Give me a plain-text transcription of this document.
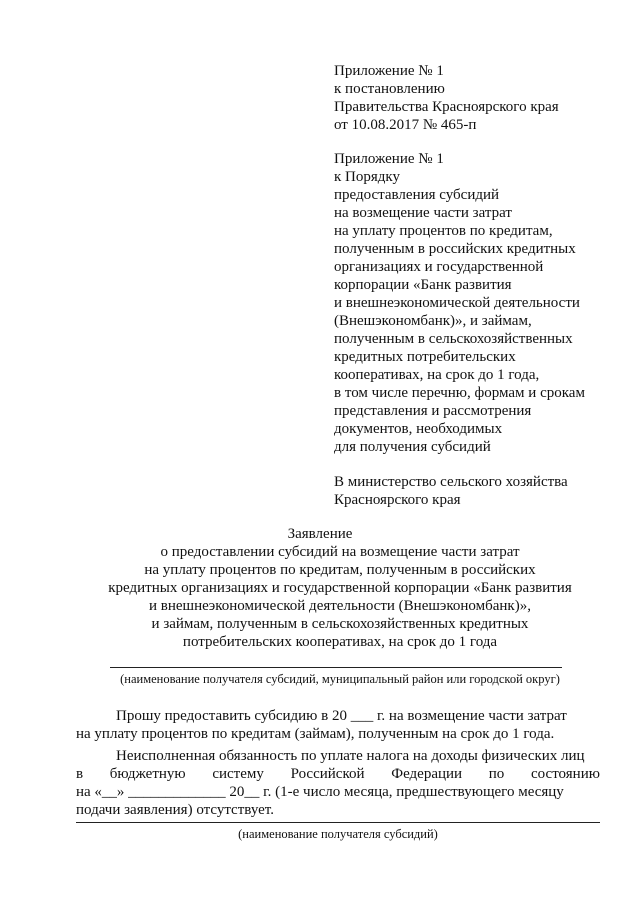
Приложение № 1
к постановлению
Правительства Красноярского края
от 10.08.2017 № 465-п
Приложение № 1
к Порядку
предоставления субсидий
на возмещение части затрат
на уплату процентов по кредитам,
полученным в российских кредитных
организациях и государственной
корпорации «Банк развития
и внешнеэкономической деятельности
(Внешэкономбанк)», и займам,
полученным в сельскохозяйственных
кредитных потребительских
кооперативах, на срок до 1 года,
в том числе перечню, формам и срокам
представления и рассмотрения
документов, необходимых
для получения субсидий
В министерство сельского хозяйства
Красноярского края
Заявление
о предоставлении субсидий на возмещение части затрат
на уплату процентов по кредитам, полученным в российских
кредитных организациях и государственной корпорации «Банк развития
и внешнеэкономической деятельности (Внешэкономбанк)»,
и займам, полученным в сельскохозяйственных кредитных
потребительских кооперативах, на срок до 1 года
(наименование получателя субсидий, муниципальный район или городской округ)
Прошу предоставить субсидию в 20 ___ г. на возмещение части затрат
на уплату процентов по кредитам (займам), полученным на срок до 1 года.
Неисполненная обязанность по уплате налога на доходы физических лиц
в бюджетную систему Российской Федерации по состоянию
на «__» _____________ 20__ г. (1-е число месяца, предшествующего месяцу
подачи заявления) отсутствует.
(наименование получателя субсидий)
